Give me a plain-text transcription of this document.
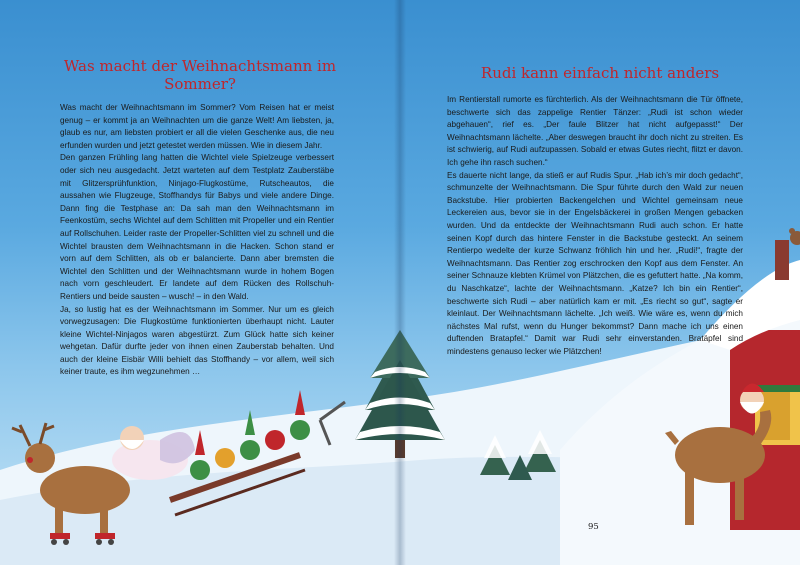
Was macht der Weihnachtsmann im Sommer?

Was macht der Weihnachtsmann im Sommer? Vom Reisen hat er meist genug – er kommt ja an Weihnachten um die ganze Welt! Am liebsten, ja, glaub es nur, am liebsten probiert er all die vielen Geschenke aus, die neu erfunden wurden und jetzt getestet werden müssen. Wie in diesem Jahr.

Den ganzen Frühling lang hatten die Wichtel viele Spielzeuge verbessert oder sich neu ausgedacht. Jetzt warteten auf dem Testplatz Zauberstäbe mit Glitzersprühfunktion, Ninjago-Flugkostüme, Rutscheautos, die aussahen wie Flugzeuge, Stoffhandys für Babys und viele andere Dinge. Dann fing die Testphase an: Da sah man den Weihnachtsmann im Feenkostüm, sechs Wichtel auf dem Schlitten mit Propeller und ein Rentier auf Rollschuhen. Leider raste der Propeller-Schlitten viel zu schnell und die Wichtel brausten dem Weihnachtsmann in die Hacken. Schon stand er vorn auf dem Schlitten, als ob er balancierte. Dann aber bremsten die Wichtel den Schlitten und der Weihnachtsmann wurde in hohem Bogen nach vorn geschleudert. Er landete auf dem Rücken des Rollschuh-Rentiers und beide sausten – wusch! – in den Wald.

Ja, so lustig hat es der Weihnachtsmann im Sommer. Nur um es gleich vorwegzusagen: Die Flugkostüme funktionierten überhaupt nicht. Lauter kleine Wichtel-Ninjagos waren abgestürzt. Zum Glück hatte sich keiner wehgetan. Dafür durfte jeder von ihnen einen Zauberstab behalten. Und auch der kleine Eisbär Willi behielt das Stoffhandy – vor allem, weil sich keiner traute, es ihm wegzunehmen …

Rudi kann einfach nicht anders

Im Rentierstall rumorte es fürchterlich. Als der Weihnachtsmann die Tür öffnete, beschwerte sich das zappelige Rentier Tänzer: „Rudi ist schon wieder abgehauen“, rief es. „Der faule Blitzer hat nicht aufgepasst!“ Der Weihnachtsmann lächelte. „Aber deswegen braucht ihr doch nicht zu streiten. Es ist schwierig, auf Rudi aufzupassen. Sobald er etwas Gutes riecht, flitzt er davon. Ich gehe ihn rasch suchen.“

Es dauerte nicht lange, da stieß er auf Rudis Spur. „Hab ich’s mir doch gedacht“, schmunzelte der Weihnachtsmann. Die Spur führte durch den Wald zur neuen Backstube. Hier probierten Backengelchen und Wichtel gemeinsam neue Leckereien aus, bevor sie in der Engelsbäckerei in großen Mengen gebacken wurden. Und da entdeckte der Weihnachtsmann Rudi auch schon. Er hatte seinen Kopf durch das hintere Fenster in die Backstube gesteckt. An seinem Rentierpo wedelte der kurze Schwanz fröhlich hin und her. „Rudi!“, fragte der Weihnachtsmann. Das Rentier zog erschrocken den Kopf aus dem Fenster. An seiner Schnauze klebten Krümel von Plätzchen, die es gefuttert hatte. „Na komm, du Naschkatze“, lachte der Weihnachtsmann. „Katze? Ich bin ein Rentier“, beschwerte sich Rudi – aber natürlich kam er mit. „Es riecht so gut“, sagte er kleinlaut. Der Weihnachtsmann lächelte. „Ich weiß. Wie wäre es, wenn du mich nächstes Mal rufst, wenn du Hunger bekommst? Dann mache ich uns einen duftenden Bratapfel.“ Damit war Rudi sehr einverstanden. Bratäpfel sind mindestens genauso lecker wie Plätzchen!

95
